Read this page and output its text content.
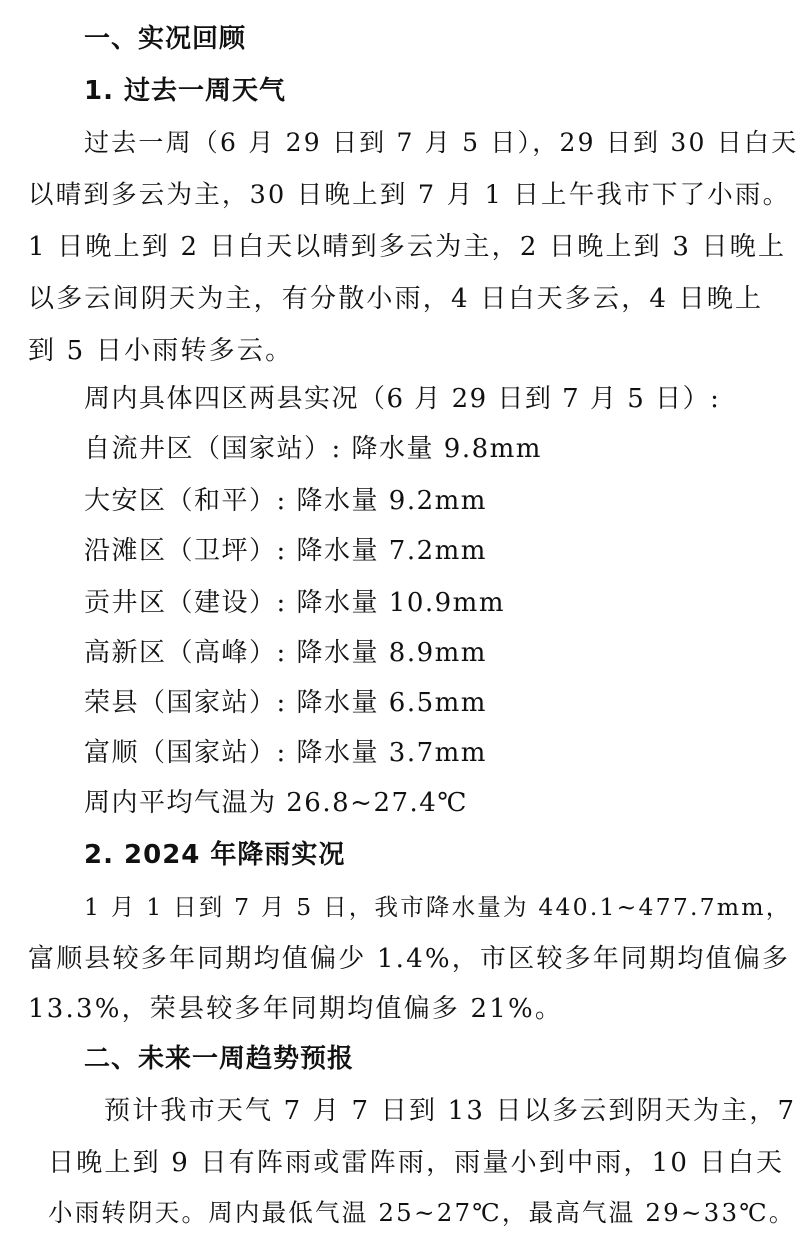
一、实况回顾
1. 过去一周天气
过去一周（6 月 29 日到 7 月 5 日），29 日到 30 日白天
以晴到多云为主，30 日晚上到 7 月 1 日上午我市下了小雨。
1 日晚上到 2 日白天以晴到多云为主，2 日晚上到 3 日晚上
以多云间阴天为主，有分散小雨，4 日白天多云，4 日晚上
到 5 日小雨转多云。
周内具体四区两县实况（6 月 29 日到 7 月 5 日）:
自流井区（国家站）: 降水量 9.8mm
大安区（和平）: 降水量 9.2mm
沿滩区（卫坪）: 降水量 7.2mm
贡井区（建设）: 降水量 10.9mm
高新区（高峰）: 降水量 8.9mm
荣县（国家站）: 降水量 6.5mm
富顺（国家站）: 降水量 3.7mm
周内平均气温为 26.8~27.4℃
2. 2024 年降雨实况
1 月 1 日到 7 月 5 日，我市降水量为 440.1~477.7mm，
富顺县较多年同期均值偏少 1.4%，市区较多年同期均值偏多
13.3%，荣县较多年同期均值偏多 21%。
二、未来一周趋势预报
预计我市天气 7 月 7 日到 13 日以多云到阴天为主，7
日晚上到 9 日有阵雨或雷阵雨，雨量小到中雨，10 日白天
小雨转阴天。周内最低气温 25~27℃，最高气温 29~33℃。
